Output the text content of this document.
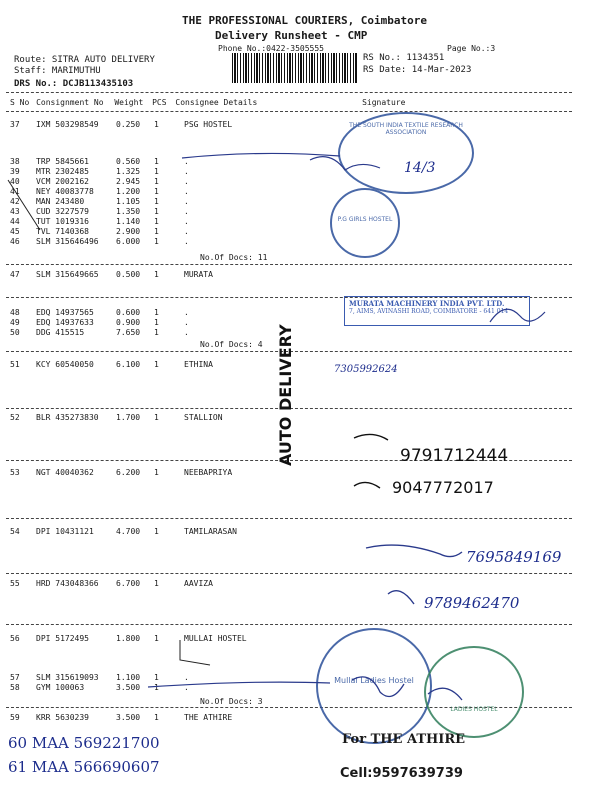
THE PROFESSIONAL COURIERS, Coimbatore
Delivery Runsheet - CMP
Phone No.:0422-3505555	Page No.:3
Route: SITRA AUTO DELIVERY
Staff: MARIMUTHU
DRS No.: DCJB113435103
RS No.: 1134351
RS Date: 14-Mar-2023
S No Consignment No Weight PCS Consignee Details	Signature
37 IXM 503298549 0.250 1	PSG HOSTEL
38 TRP 5845661	0.560 1	.
39 MTR 2302485	1.325 1	.
40 VCM 2002162	2.945 1	.
41 NEY 40083778	1.200 1	.
42 MAN 243480	1.105 1	.
43 CUD 3227579	1.350 1	.
44 TUT 1019316	1.140 1	.
45 TVL 7140368	2.900 1	.
46 SLM 315646496 6.000 1	.
47 SLM 315649665 0.500 1	MURATA
48 EDQ 14937565	0.600 1	.
49 EDQ 14937633	0.900 1	.
50 DDG 415515	7.650 1	.
51 KCY 60540050	6.100 1	ETHINA
52 BLR 435273830 1.700 1	STALLION
53 NGT 40040362	6.200 1	NEEBAPRIYA
54 DPI 10431121	4.700 1	TAMILARASAN
55 HRD 743048366 6.700 1	AAVIZA
56 DPI 5172495	1.800 1	MULLAI HOSTEL
57 SLM 315619093 1.100 1	.
58 GYM 100063	3.500 1	.
59 KRR 5630239	3.500 1	THE ATHIRE
No.Of Docs: 11
No.Of Docs: 4
No.Of Docs: 3
AUTO DELIVERY
THE SOUTH INDIA TEXTILE RESEARCH ASSOCIATION
P.G GIRLS HOSTEL
MURATA MACHINERY INDIA PVT. LTD.
7, AIMS, AVINASHI ROAD, COIMBATORE - 641 014
Mullai Ladies Hostel
LADIES HOSTEL
For THE ATHIRE
Cell:9597639739
14/3
7305992624
9791712444
9047772017
7695849169
9789462470
60 MAA 569221700
61 MAA 566690607
